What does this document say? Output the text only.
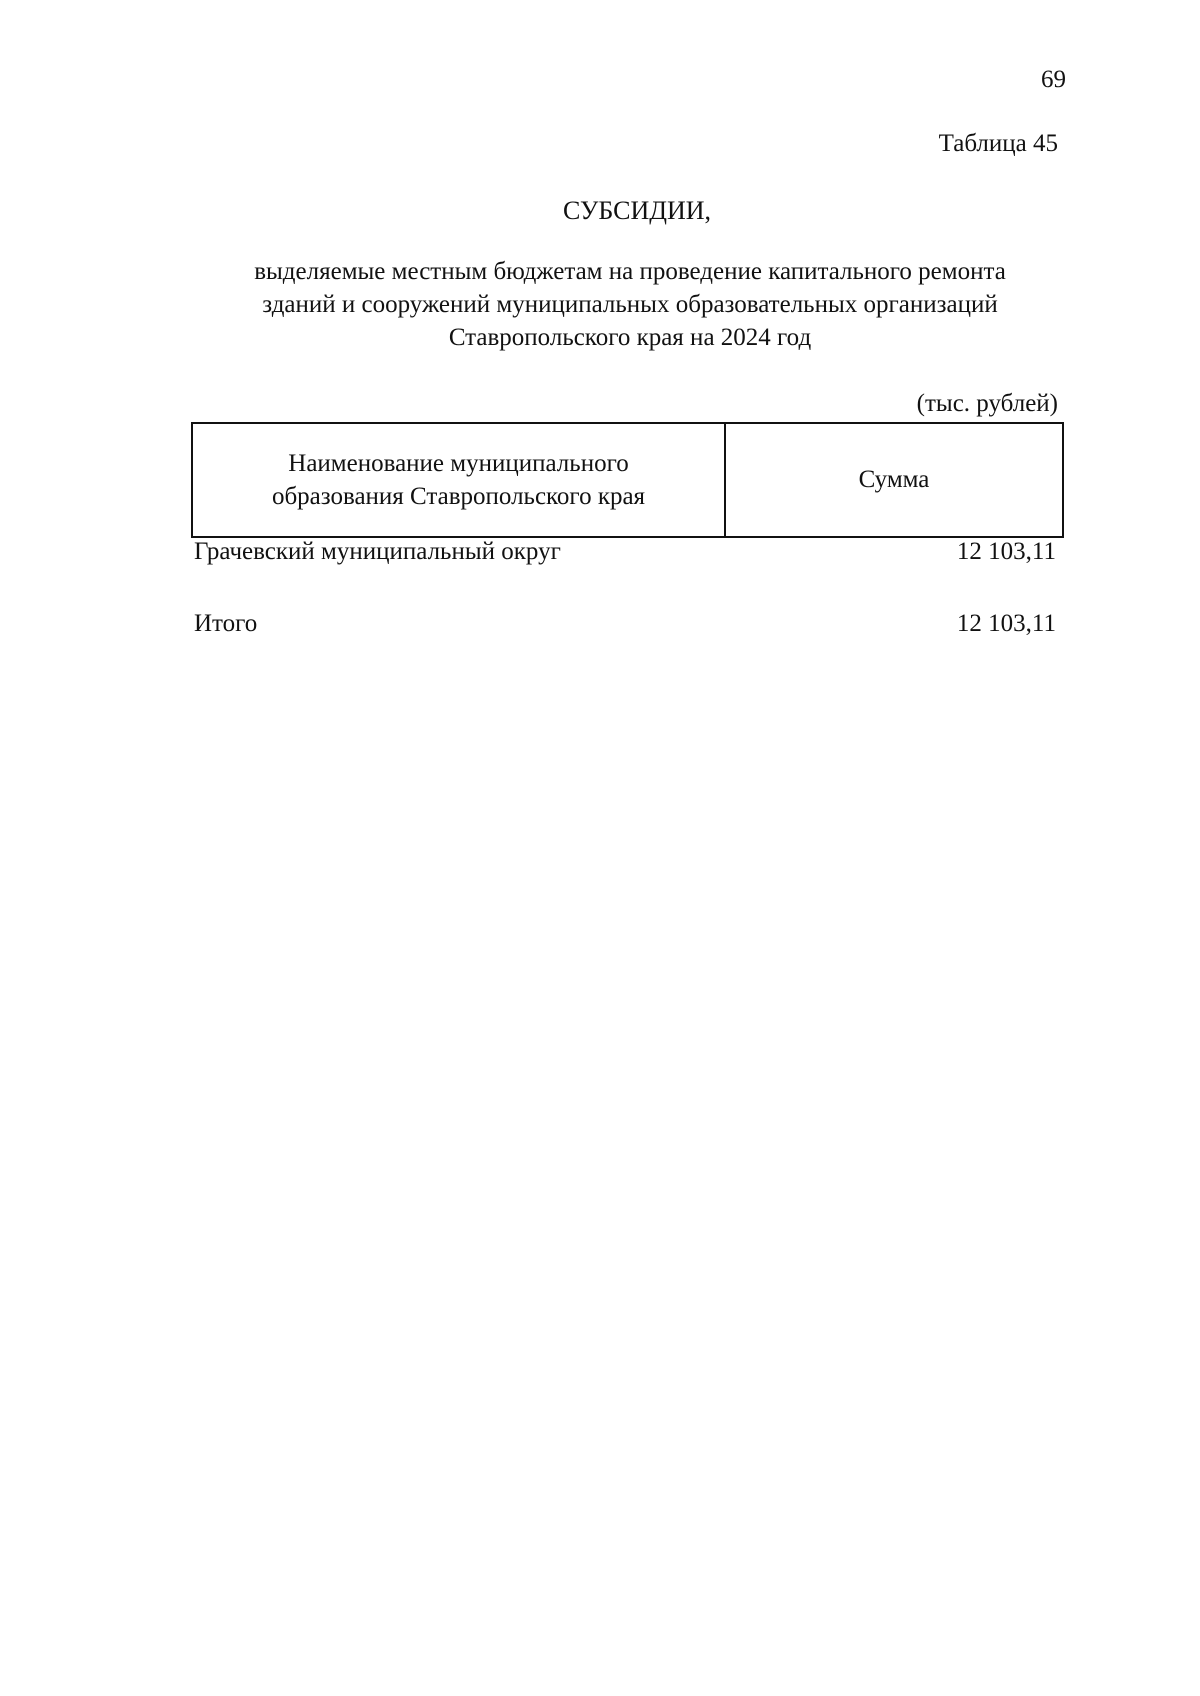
69
Таблица 45
СУБСИДИИ,
выделяемые местным бюджетам на проведение капитального ремонта
зданий и сооружений муниципальных образовательных организаций
Ставропольского края на 2024 год
(тыс. рублей)
Наименование муниципального
образования Ставропольского края
Сумма
Грачевский муниципальный округ	12 103,11
Итого	12 103,11
